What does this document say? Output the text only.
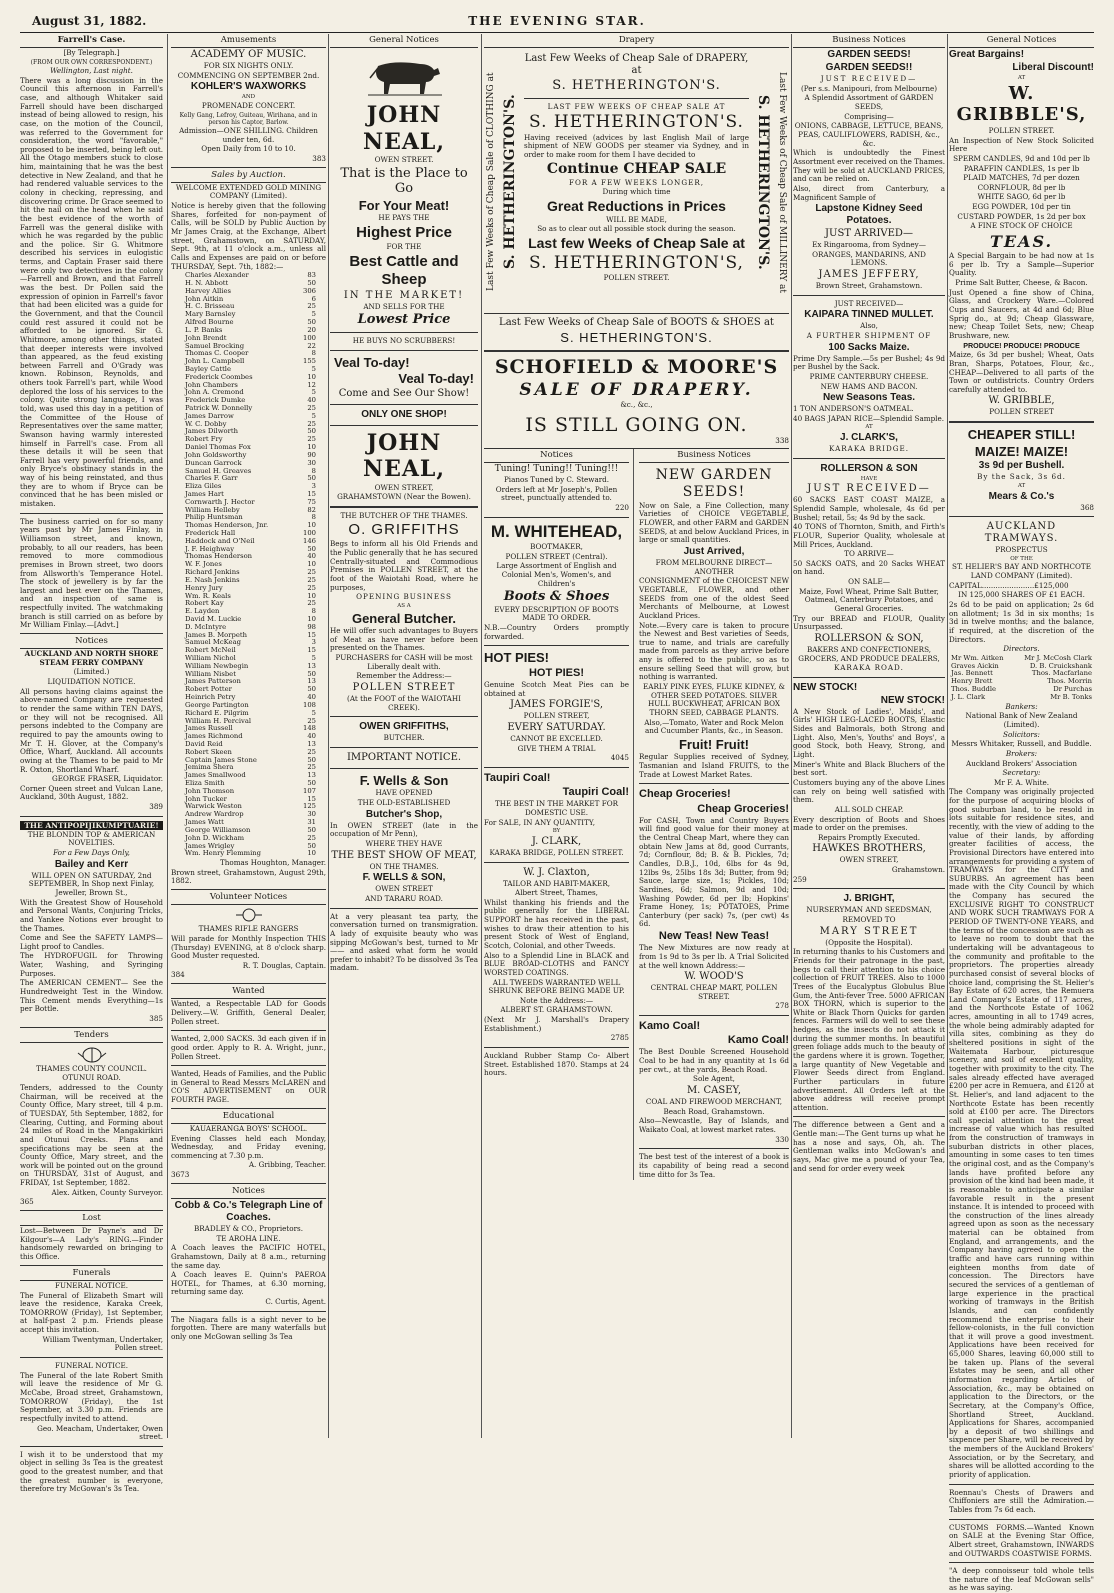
August 31, 1882.	THE EVENING STAR.
Farrell's Case.

[By Telegraph.]

(FROM OUR OWN CORRESPONDENT.)

Wellington, Last night.

There was a long discussion in the Council this afternoon in Farrell's case, and although Whitaker said Farrell should have been discharged instead of being allowed to resign, his case, on the motion of the Council, was referred to the Government for consideration, the word "favorable," proposed to be inserted, being left out. All the Otago members stuck to close him, maintaining that he was the best detective in New Zealand, and that he had rendered valuable services to the colony in checking, repressing, and discovering crime. Dr Grace seemed to hit the nail on the head when he said the best evidence of the worth of Farrell was the general dislike with which he was regarded by the public and the police. Sir G. Whitmore described his services in eulogistic terms, and Captain Fraser said there were only two detectives in the colony—Farrell and Brown, and that Farrell was the best. Dr Pollen said the expression of opinion in Farrell's favor that had been elicited was a guide for the Government, and that the Council could rest assured it could not be afforded to be ignored. Sir G. Whitmore, among other things, stated that deeper interests were involved than appeared, as the feud existing between Farrell and O'Grady was known. Robinson, Reynolds, and others took Farrell's part, while Wood deplored the loss of his services to the colony. Quite strong language, I was told, was used this day in a petition of the Committee of the House of Representatives over the same matter, Swanson having warmly interested himself in Farrell's case. From all these details it will be seen that Farrell has very powerful friends, and only Bryce's obstinacy stands in the way of his being reinstated, and thus they are to whom if Bryce can be convinced that he has been misled or mistaken.

The business carried on for so many years past by Mr James Finlay, in Williamson street, and known, probably, to all our readers, has been removed to more commodious premises in Brown street, two doors from Allsworth's Temperance Hotel. The stock of jewellery is by far the largest and best ever on the Thames, and an inspection of same is respectfully invited. The watchmaking branch is still carried on as before by Mr William Finlay.—[Advt.]

Notices

AUCKLAND AND NORTH SHORE STEAM FERRY COMPANY

(Limited.)

LIQUIDATION NOTICE.

All persons having claims against the above-named Company are requested to render the same within TEN DAYS, or they will not be recognised. All persons indebted to the Company are required to pay the amounts owing to Mr T. H. Glover, at the Company's Office, Wharf, Auckland. All accounts owing at the Thames to be paid to Mr R. Oxton, Shortland Wharf.

GEORGE FRASER, Liquidator.

Corner Queen street and Vulcan Lane, Auckland, 30th August, 1882.

389

THE ANTIPOPIJIKUMPTUARIE!

THE BLONDIN TOP & AMERICAN NOVELTIES.

For a Few Days Only,

Bailey and Kerr

WILL OPEN ON SATURDAY, 2nd SEPTEMBER, In Shop next Finlay, Jeweller, Brown St.,

With the Greatest Show of Household and Personal Wants, Conjuring Tricks, and Yankee Notions ever brought to the Thames.

Come and See the SAFETY LAMPS—Light proof to Candles.

The HYDROFUGIL for Throwing Water, Washing, and Syringing Purposes.

The AMERICAN CEMENT— See the Hundredweight Test in the Window. This Cement mends Everything—1s per Bottle.

385

Tenders

THAMES COUNTY COUNCIL.

OTUNUI ROAD.

Tenders, addressed to the County Chairman, will be received at the County Office, Mary street, till 4 p.m. of TUESDAY, 5th September, 1882, for Clearing, Cutting, and Forming about 24 miles of Road in the Mangakirikiri and Otunui Creeks. Plans and specifications may be seen at the County Office, Mary street, and the work will be pointed out on the ground on THURSDAY, 31st of August, and FRIDAY, 1st September, 1882.

Alex. Aitken, County Surveyor.

365

Lost

Lost—Between Dr Payne's and Dr Kilgour's—A Lady's RING.—Finder handsomely rewarded on bringing to this Office.

Funerals

FUNERAL NOTICE.

The Funeral of Elizabeth Smart will leave the residence, Karaka Creek, TOMORROW (Friday), 1st September, at half-past 2 p.m. Friends please accept this invitation.

William Twentyman, Undertaker, Pollen street.

FUNERAL NOTICE.

The Funeral of the late Robert Smith will leave the residence of Mr G. McCabe, Broad street, Grahamstown, TOMORROW (Friday), the 1st September, at 3.30 p.m. Friends are respectfully invited to attend.

Geo. Meacham, Undertaker, Owen street.

I wish it to be understood that my object in selling 3s Tea is the greatest good to the greatest number, and that the greatest number is everyone, therefore try McGowan's 3s Tea.

Amusements

ACADEMY OF MUSIC.

FOR SIX NIGHTS ONLY.

COMMENCING ON SEPTEMBER 2nd.

KOHLER'S WAXWORKS

AND

PROMENADE CONCERT.

Kelly Gang, Lefroy, Guiteau, Wirihana, and in person his Captor, Barlow.

Admission—ONE SHILLING. Children under ten, 6d.

Open Daily from 10 to 10.

383

Sales by Auction.

WELCOME EXTENDED GOLD MINING COMPANY (Limited).

Notice is hereby given that the following Shares, forfeited for non-payment of Calls, will be SOLD by Public Auction by Mr James Craig, at the Exchange, Albert street, Grahamstown, on SATURDAY, Sept. 9th, at 11 o'clock a.m., unless all Calls and Expenses are paid on or before THURSDAY, Sept. 7th, 1882:—

Charles Alexander	83
H. N. Abbott	50
Harvey Allies	306
John Aitkin	6
H. C. Brisseau	25
Mary Barnsley	5
Alfred Bourne	50
L. P. Banks	20
John Brendt	100
Samuel Brocking	22
Thomas C. Cooper	8
John L. Campbell	155
Bayley Cattle	5
Frederick Coombes	10
John Chambers	12
John A. Cremond	5
Frederick Dumke	40
Patrick W. Donnelly	25
James Darrow	5
W. C. Dobby	25
James Dilworth	50
Robert Fry	25
Daniel Thomas Fox	10
John Goldsworthy	90
Duncan Garrock	30
Samuel H. Greaves	8
Charles F. Garr	50
Eliza Giles	3
James Hart	15
Cornwarth J. Hector	75
William Helleby	82
Philip Huntsman	8
Thomas Henderson, Jnr.	10
Frederick Hall	100
Haddock and O'Neil	146
J. F. Heighway	50
Thomas Henderson	40
W. F. Jones	10
Richard Jenkins	25
E. Nash Jenkins	25
Henry Jury	25
Wm. R. Keals	10
Robert Kay	25
E. Layden	8
David M. Luckie	10
D. McIntyre	98
James B. Morpeth	15
Samuel McKeag	3
Robert McNeil	15
William Nichol	5
William Newbegin	13
William Nisbet	50
James Patterson	13
Robert Potter	50
Heinrich Petry	40
George Partington	108
Richard E. Pilgrim	5
William H. Percival	25
James Russell	148
James Richmond	40
David Reid	13
Robert Skeen	25
Captain James Stone	50
Jemima Shera	25
James Smallwood	13
Eliza Smith	50
John Thomson	107
John Tucker	15
Warwick Weston	125
Andrew Wardrop	30
James Watt	31
George Williamson	50
John D. Wickham	25
James Wrigley	50
Wm. Henry Flemming	10

Thomas Houghton, Manager.

Brown street, Grahamstown, August 29th, 1882.

Volunteer Notices

THAMES RIFLE RANGERS

Will parade for Monthly Inspection THIS (Thursday) EVENING, at 8 o'clock sharp. Good Muster requested.

R. T. Douglas, Captain.

384

Wanted

Wanted, a Respectable LAD for Goods Delivery.—W. Griffith, General Dealer, Pollen street.

Wanted, 2,000 SACKS. 3d each given if in good order. Apply to R. A. Wright, junr., Pollen Street.

Wanted, Heads of Families, and the Public in General to Read Messrs McLAREN and CO'S ADVERTISEMENT on OUR FOURTH PAGE.

Educational

KAUAERANGA BOYS' SCHOOL.

Evening Classes held each Monday, Wednesday, and Friday evening, commencing at 7.30 p.m.

A. Gribbing, Teacher.

3673

Notices

Cobb & Co.'s Telegraph Line of Coaches.

BRADLEY & CO., Proprietors.

TE AROHA LINE.

A Coach leaves the PACIFIC HOTEL, Grahamstown, Daily at 8 a.m., returning the same day.

A Coach leaves E. Quinn's PAEROA HOTEL, for Thames, at 6.30 morning, returning same day.

C. Curtis, Agent.

The Niagara falls is a sight never to be forgotten. There are many waterfalls but only one McGowan selling 3s Tea

General Notices

JOHN NEAL,

OWEN STREET.

That is the Place to Go

For Your Meat!

HE PAYS THE

Highest Price

FOR THE

Best Cattle and Sheep

IN THE MARKET!

AND SELLS FOR THE

Lowest Price

HE BUYS NO SCRUBBERS!

Veal To-day!

Veal To-day!

Come and See Our Show!

ONLY ONE SHOP!

JOHN NEAL,

OWEN STREET,

GRAHAMSTOWN (Near the Bowen).

THE BUTCHER OF THE THAMES.

O. GRIFFITHS

Begs to inform all his Old Friends and the Public generally that he has secured Centrally-situated and Commodious Premises in POLLEN STREET, at the foot of the Waiotahi Road, where he purposes,

OPENING BUSINESS

AS A

General Butcher.

He will offer such advantages to Buyers of Meat as have never before been presented on the Thames.

PURCHASERS for CASH will be most Liberally dealt with.

Remember the Address:—

POLLEN STREET

(At the FOOT of the WAIOTAHI CREEK).

OWEN GRIFFITHS,

BUTCHER.

IMPORTANT NOTICE.

F. Wells & Son

HAVE OPENED

THE OLD-ESTABLISHED

Butcher's Shop,

In OWEN STREET (late in the occupation of Mr Penn),

WHERE THEY HAVE

THE BEST SHOW OF MEAT,

ON THE THAMES.

F. WELLS & SON,

OWEN STREET

AND TARARU ROAD.

At a very pleasant tea party, the conversation turned on transmigration. A lady of exquisite beauty who was sipping McGowan's best, turned to Mr —— and asked what form he would prefer to inhabit? To be dissolved 3s Tea madam.

Drapery
Last Few Weeks of Cheap Sale of CLOTHING at S. HETHERINGTON'S.	Last Few Weeks of Cheap Sale of MILLINERY at
S. HETHERINGTON'S.

Last Few Weeks of Cheap Sale of DRAPERY, at

S. HETHERINGTON'S.

LAST FEW WEEKS OF CHEAP SALE AT

S. HETHERINGTON'S.

Having received (advices by last English Mail of large shipment of NEW GOODS per steamer via Sydney, and in order to make room for them I have decided to

Continue CHEAP SALE

FOR A FEW WEEKS LONGER,

During which time

Great Reductions in Prices

WILL BE MADE,

So as to clear out all possible stock during the season.

Last few Weeks of Cheap Sale at

S. HETHERINGTON'S,

POLLEN STREET.

Last Few Weeks of Cheap Sale of BOOTS & SHOES at

S. HETHERINGTON'S.

SCHOFIELD & MOORE'S

SALE OF DRAPERY.

&c., &c.,

IS STILL GOING ON.

338

Notices

Tuning! Tuning!! Tuning!!!

Pianos Tuned by C. Steward.

Orders left at Mr Joseph's, Pollen street, punctually attended to.

220

M. WHITEHEAD,

BOOTMAKER,

POLLEN STREET (Central).

Large Assortment of English and Colonial Men's, Women's, and Children's

Boots & Shoes

EVERY DESCRIPTION OF BOOTS MADE TO ORDER.

N.B.—Country Orders promptly forwarded.

HOT PIES!

HOT PIES!

Genuine Scotch Meat Pies can be obtained at

JAMES FORGIE'S,

POLLEN STREET,

EVERY SATURDAY.

CANNOT BE EXCELLED.

GIVE THEM A TRIAL

4045

Taupiri Coal!

Taupiri Coal!

THE BEST IN THE MARKET FOR DOMESTIC USE.

For SALE, IN ANY QUANTITY,

BY

J. CLARK,

KARAKA BRIDGE, POLLEN STREET.

W. J. Claxton,

TAILOR AND HABIT-MAKER,

Albert Street, Thames,

Whilst thanking his friends and the public generally for the LIBERAL SUPPORT he has received in the past, wishes to draw their attention to his present Stock of West of England, Scotch, Colonial, and other Tweeds.

Also to a Splendid Line in BLACK and BLUE BROAD-CLOTHS and FANCY WORSTED COATINGS.

ALL TWEEDS WARRANTED WELL SHRUNK BEFORE BEING MADE UP.

Note the Address:—

ALBERT ST. GRAHAMSTOWN.

(Next Mr J. Marshall's Drapery Establishment.)

2785

Auckland Rubber Stamp Co- Albert Street. Established 1870. Stamps at 24 hours.

Business Notices

NEW GARDEN SEEDS!

Now on Sale, a Fine Collection, many Varieties of CHOICE VEGETABLE, FLOWER, and other FARM and GARDEN SEEDS, at and below Auckland Prices, in large or small quantities.

Just Arrived,

FROM MELBOURNE DIRECT—ANOTHER

CONSIGNMENT of the CHOICEST NEW VEGETABLE, FLOWER, and other SEEDS from one of the oldest Seed Merchants of Melbourne, at Lowest Auckland Prices.

Note.—Every care is taken to procure the Newest and Best varieties of Seeds, true to name, and trials are carefully made from parcels as they arrive before any is offered to the public, so as to ensure selling Seed that will grow, but nothing is warranted.

EARLY PINK EYES, FLUKE KIDNEY, & OTHER SEED POTATOES. SILVER HULL BUCKWHEAT, AFRICAN BOX THORN SEED, CABBAGE PLANTS.

Also,—Tomato, Water and Rock Melon and Cucumber Plants, &c., in Season.

Fruit! Fruit!

Regular Supplies received of Sydney, Tasmanian and Island FRUITS, to the Trade at Lowest Market Rates.

Cheap Groceries!

Cheap Groceries!

For CASH, Town and Country Buyers will find good value for their money at the Central Cheap Mart, where they can obtain New Jams at 8d, good Currants, 7d; Cornflour, 8d; B. & B. Pickles, 7d; Candles, D.B.J., 10d, 6lbs for 4s 9d, 12lbs 9s, 25lbs 18s 3d; Butter, from 9d; Sauce, large size, 1s; Pickles, 10d; Sardines, 6d; Salmon, 9d and 10d; Washing Powder, 6d per lb; Hopkins' Frame Honey, 1s; POTATOES, Prime Canterbury (per sack) 7s, (per cwt) 4s 6d.

New Teas! New Teas!

The New Mixtures are now ready at from 1s 9d to 3s per lb. A Trial Solicited at the well known Address:—

W. WOOD'S

CENTRAL CHEAP MART, POLLEN STREET.

278

Kamo Coal!

Kamo Coal!

The Best Double Screened Household Coal to be had in any quantity at 1s 6d per cwt., at the yards, Beach Road.

Sole Agent,

M. CASEY,

COAL AND FIREWOOD MERCHANT,

Beach Road, Grahamstown.

Also—Newcastle, Bay of Islands, and Waikato Coal, at lowest market rates.

330

The best test of the interest of a book is its capability of being read a second time ditto for 3s Tea.

Business Notices

GARDEN SEEDS!

GARDEN SEEDS!!

JUST RECEIVED—

(Per s.s. Manipouri, from Melbourne)

A Splendid Assortment of GARDEN SEEDS,

Comprising—

ONIONS, CABBAGE, LETTUCE, BEANS, PEAS, CAULIFLOWERS, RADISH, &c., &c.

Which is undoubtedly the Finest Assortment ever received on the Thames. They will be sold at AUCKLAND PRICES, and can be relied on.

Also, direct from Canterbury, a Magnificent Sample of

Lapstone Kidney Seed Potatoes.

JUST ARRIVED—

Ex Ringarooma, from Sydney—

ORANGES, MANDARINS, AND LEMONS.

JAMES JEFFERY,

Brown Street, Grahamstown.

JUST RECEIVED—

KAIPARA TINNED MULLET.

Also,

A FURTHER SHIPMENT OF

100 Sacks Maize.

Prime Dry Sample.—5s per Bushel; 4s 9d per Bushel by the Sack.

PRIME CANTERBURY CHEESE.

NEW HAMS AND BACON.

New Seasons Teas.

1 TON ANDERSON'S OATMEAL.

40 BAGS JAPAN RICE—Splendid Sample.

AT

J. CLARK'S,

KARAKA BRIDGE.

ROLLERSON & SON

HAVE

JUST RECEIVED—

60 SACKS EAST COAST MAIZE, a Splendid Sample, wholesale, 4s 6d per Bushel; retail, 5s; 4s 9d by the sack.

40 TONS of Thornton, Smith, and Firth's FLOUR, Superior Quality, wholesale at Mill Prices, Auckland.

TO ARRIVE—

50 SACKS OATS, and 20 Sacks WHEAT on hand.

ON SALE—

Maize, Fowl Wheat, Prime Salt Butter, Oatmeal, Canterbury Potatoes, and General Groceries.

Try our BREAD and FLOUR, Quality Unsurpassed.

ROLLERSON & SON,

BAKERS AND CONFECTIONERS, GROCERS, AND PRODUCE DEALERS,

KARAKA ROAD.

NEW STOCK!

NEW STOCK!

A New Stock of Ladies', Maids', and Girls' HIGH LEG-LACED BOOTS, Elastic Sides and Balmorals, both Strong and Light. Also, Men's, Youths' and Boys', a good Stock, both Heavy, Strong, and Light.

Miner's White and Black Bluchers of the best sort.

Customers buying any of the above Lines can rely on being well satisfied with them.

ALL SOLD CHEAP.

Every description of Boots and Shoes made to order on the premises.

Repairs Promptly Executed.

HAWKES BROTHERS,

OWEN STREET,

Grahamstown.

259

J. BRIGHT,

NURSERYMAN AND SEEDSMAN,

REMOVED TO

MARY STREET

(Opposite the Hospital).

In returning thanks to his Customers and Friends for their patronage in the past, begs to call their attention to his choice collection of FRUIT TREES. Also to 1000 Trees of the Eucalyptus Globulus Blue Gum, the Anti-fever Tree. 5000 AFRICAN BOX THORN, which is superior to the White or Black Thorn Quicks for garden fences. Farmers will do well to see these hedges, as the insects do not attack it during the summer months. In beautiful green foliage adds much to the beauty of the gardens where it is grown. Together, a large quantity of New Vegetable and Flower Seeds direct from England. Further particulars in future advertisement. All Orders left at the above address will receive prompt attention.

The difference between a Gent and a Gentle man:—The Gent turns up what he has a nose and says, Oh, ah. The Gentleman walks into McGowan's and says, Mac give me a pound of your Tea, and send for order every week

General Notices

Great Bargains!

Liberal Discount!

AT

W. GRIBBLE'S,

POLLEN STREET.

An Inspection of New Stock Solicited Here

SPERM CANDLES, 9d and 10d per lb

PARAFFIN CANDLES, 1s per lb

PLAID MATCHES, 7d per dozen

CORNFLOUR, 8d per lb

WHITE SAGO, 6d per lb

EGG POWDER, 10d per tin

CUSTARD POWDER, 1s 2d per box

A FINE STOCK OF CHOICE

TEAS.

A Special Bargain to be had now at 1s 6 per lb. Try a Sample—Superior Quality.

Prime Salt Butter, Cheese, & Bacon.

Just Opened a fine show of China, Glass, and Crockery Ware.—Colored Cups and Saucers, at 4d and 6d; Blue Sprig do., at 9d; Cheap Glassware, new; Cheap Toilet Sets, new; Cheap Brushware, new.

PRODUCE! PRODUCE! PRODUCE

Maize, 6s 3d per bushel; Wheat, Oats Bran, Sharps, Potatoes, Flour, &c., CHEAP—Delivered to all parts of the Town or outdistricts. Country Orders carefully attended to.

W. GRIBBLE,

POLLEN STREET

CHEAPER STILL!

MAIZE! MAIZE!

3s 9d per Bushell.

By the Sack, 3s 6d.

AT

Mears & Co.'s

368

AUCKLAND TRAMWAYS.

PROSPECTUS

OF THE

ST. HELIER'S BAY AND NORTHCOTE LAND COMPANY (Limited).

CAPITAL.......................£125,000

IN 125,000 SHARES OF £1 EACH.

2s 6d to be paid on application; 2s 6d on allotment; 1s 3d in six months; 1s 3d in twelve months; and the balance, if required, at the discretion of the Directors.

Directors.

Mr Wm. Aitken	Mr J. McCosh Clark
Graves Aickin	D. B. Cruickshank
Jas. Bennett	Thos. Macfarlane
Henry Brett	Thos. Morrin
Thos. Buddle	Dr Purchas
J. L. Clark	Mr B. Tonks

Bankers:

National Bank of New Zealand (Limited).

Solicitors:

Messrs Whitaker, Russell, and Buddle.

Brokers:

Auckland Brokers' Association

Secretary:

Mr F. A. White.

The Company was originally projected for the purpose of acquiring blocks of good suburban land, to be resold in lots suitable for residence sites, and recently, with the view of adding to the value of their lands, by affording greater facilities of access, the Provisional Directors have entered into arrangements for providing a system of TRAMWAYS for the CITY and SUBURBS. An agreement has been made with the City Council by which the Company has secured the EXCLUSIVE RIGHT TO CONSTRUCT AND WORK SUCH TRAMWAYS FOR A PERIOD OF TWENTY-ONE YEARS, and the terms of the concession are such as to leave no room to doubt that the undertaking will be advantageous to the community and profitable to the proprietors. The properties already purchased consist of several blocks of choice land, comprising the St. Helier's Bay Estate of 620 acres, the Remuera Land Company's Estate of 117 acres, and the Northcote Estate of 1062 acres, amounting in all to 1749 acres, the whole being admirably adapted for villa sites, combining as they do sheltered positions in sight of the Waitemata Harbour, picturesque scenery, and soil of excellent quality, together with proximity to the city. The sales already effected have averaged £200 per acre in Remuera, and £120 at St. Helier's, and land adjacent to the Northcote Estate has been recently sold at £100 per acre. The Directors call special attention to the great increase of value which has resulted from the construction of tramways in suburban districts in other places, amounting in some cases to ten times the original cost, and as the Company's lands have profited before any provision of the kind had been made, it is reasonable to anticipate a similar favorable result in the present instance. It is intended to proceed with the construction of the lines already agreed upon as soon as the necessary material can be obtained from England, and arrangements, and the Company having agreed to open the traffic and have cars running within eighteen months from date of concession. The Directors have secured the services of a gentleman of large experience in the practical working of tramways in the British Islands, and can confidently recommend the enterprise to their fellow-colonists, in the full conviction that it will prove a good investment. Applications have been received for 65,000 Shares, leaving 60,000 still to be taken up. Plans of the several Estates may be seen, and all other information regarding Articles of Association, &c., may be obtained on application to the Directors, or the Secretary, at the Company's Office, Shortland Street, Auckland. Applications for Shares, accompanied by a deposit of two shillings and sixpence per Share, will be received by the members of the Auckland Brokers' Association, or by the Secretary, and shares will be allotted according to the priority of application.

Roennau's Chests of Drawers and Chiffoniers are still the Admiration.—Tables from 7s 6d each.

CUSTOMS FORMS.—Wanted Known on SALE at the Evening Star Office, Albert street, Grahamstown, INWARDS and OUTWARDS COASTWISE FORMS.

"A deep connoisseur told whole tells the nature of the leaf McGowan sells" as he was saying.
